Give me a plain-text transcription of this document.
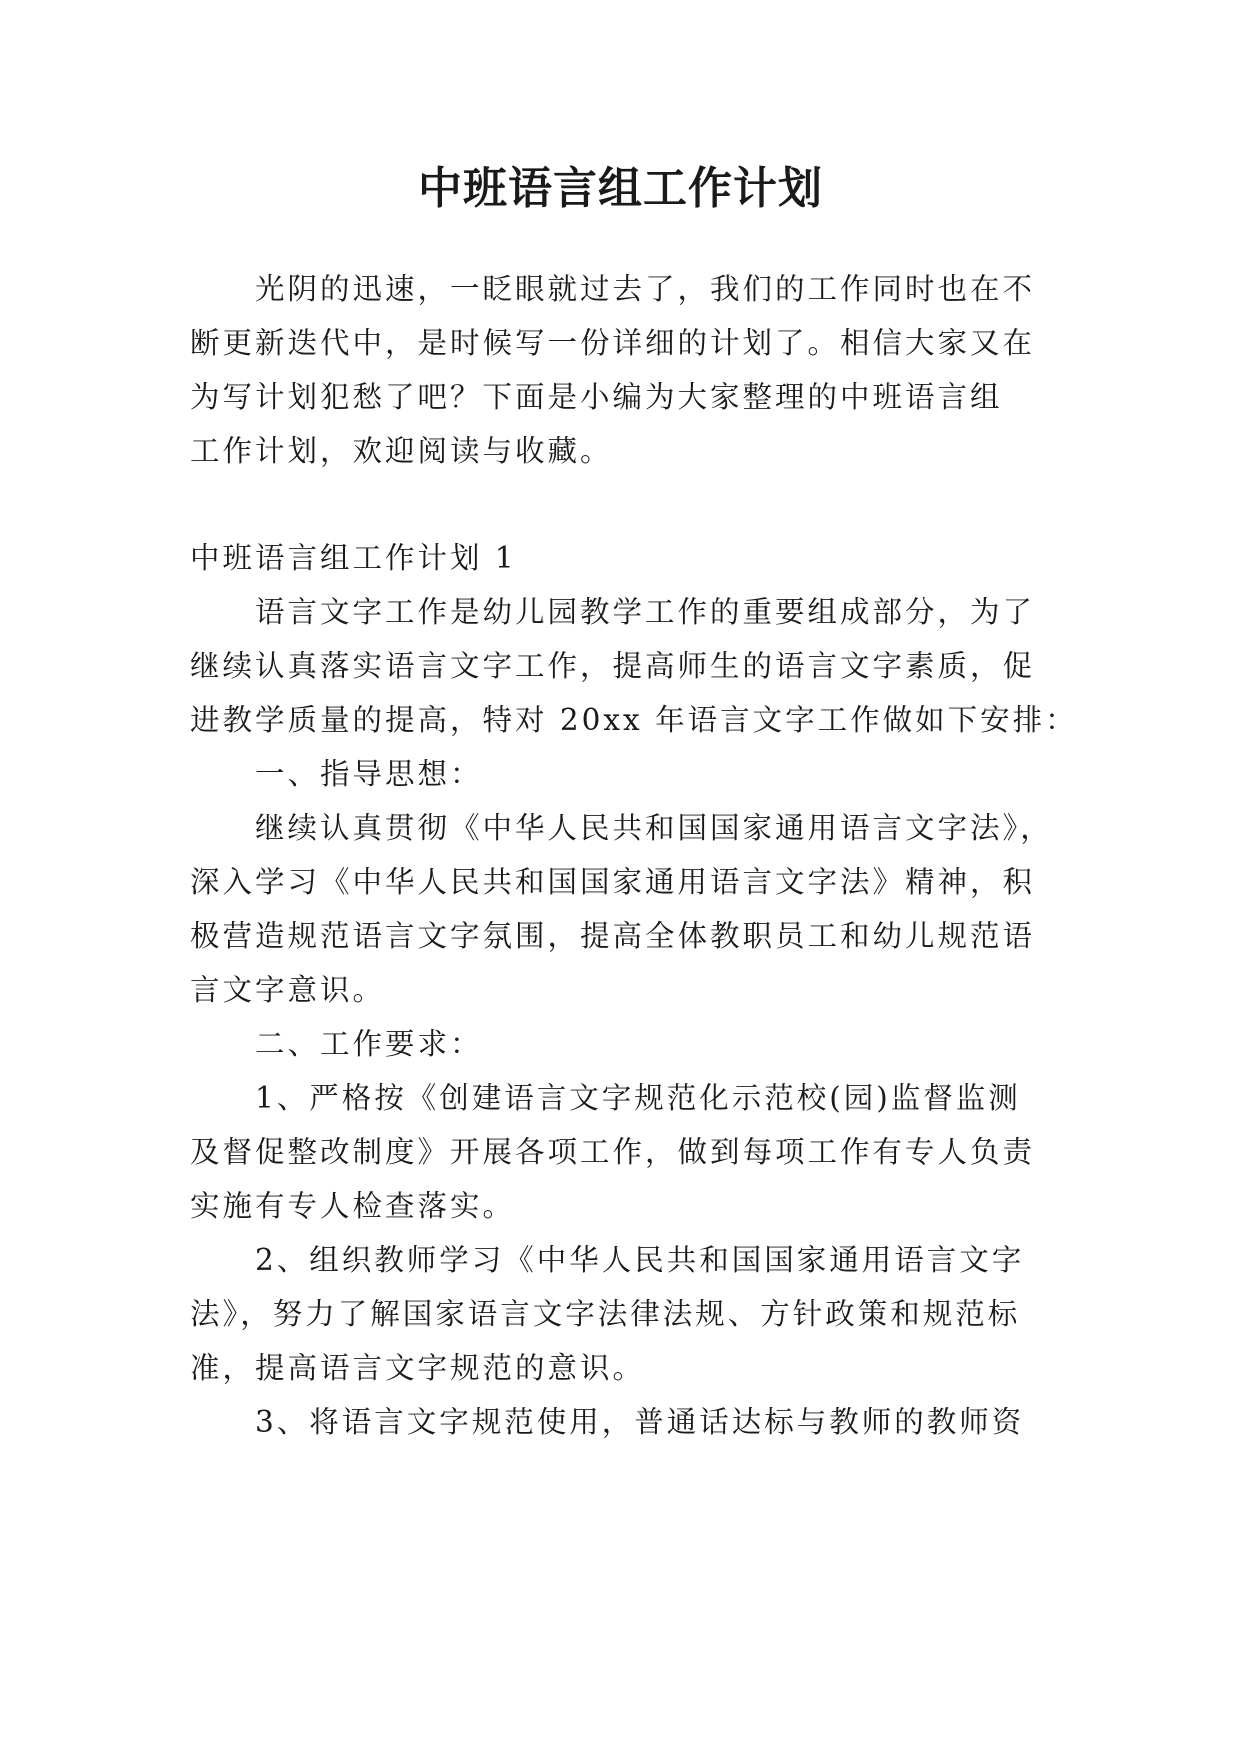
中班语言组工作计划
光阴的迅速，一眨眼就过去了，我们的工作同时也在不
断更新迭代中，是时候写一份详细的计划了。相信大家又在
为写计划犯愁了吧？下面是小编为大家整理的中班语言组
工作计划，欢迎阅读与收藏。
中班语言组工作计划 1
语言文字工作是幼儿园教学工作的重要组成部分，为了
继续认真落实语言文字工作，提高师生的语言文字素质，促
进教学质量的提高，特对 20xx 年语言文字工作做如下安排：
一、指导思想：
继续认真贯彻《中华人民共和国国家通用语言文字法》，
深入学习《中华人民共和国国家通用语言文字法》精神，积
极营造规范语言文字氛围，提高全体教职员工和幼儿规范语
言文字意识。
二、工作要求：
1、严格按《创建语言文字规范化示范校(园)监督监测
及督促整改制度》开展各项工作，做到每项工作有专人负责
实施有专人检查落实。
2、组织教师学习《中华人民共和国国家通用语言文字
法》，努力了解国家语言文字法律法规、方针政策和规范标
准，提高语言文字规范的意识。
3、将语言文字规范使用，普通话达标与教师的教师资
